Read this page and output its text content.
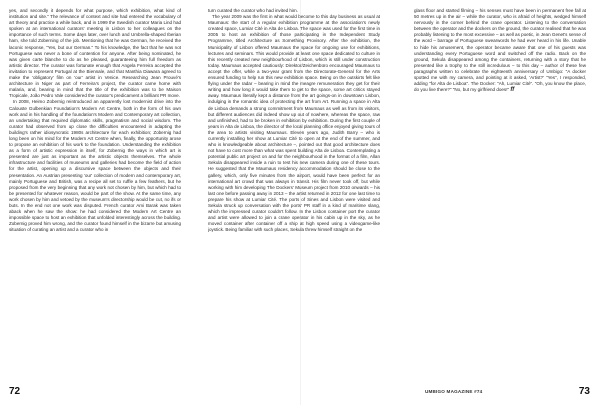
yes, and secondly it depends for what purpose, which exhibition, what kind of institution and site." The relevance of context and site had entered the vocabulary of art theory and practice a while back, and in 1999 the Swedish curator Maria Lind had spoken at an international curators' meeting in Lisbon to her colleagues on the importance of such terms. Some days later, over lunch and Umbrella-shaped Iberian ham, she told Zoberning of the job. Mentioning that he was German, he received the laconic response, "Yes, but our German." To his knowledge, the fact that he was not Portuguese was never a bone of contention for anyone. After being nominated, he was given carte blanche to do as he pleased, guaranteeing him full freedom as artistic director. The curator was fortunate enough that Angela Ferreira accepted the invitation to represent Portugal at the Biennale, and that Manthia Diawara agreed to make the 'obligatory' film on 'our' artist in Venice. Researching Jean Prouvé's architecture in Niger as part of Ferreira's project, the curator came home with malaria, and, bearing in mind that the title of the exhibition was to be Maison Tropicale, João Pedro Vale considered the curator's predicament a brilliant PR move.

In 2008, Heimo Zobernig reintroduced an apparently lost modernist drive into the Calouste Gulbenkian Foundation's Modern Art Centre, both in the form of his own work and in his handling of the foundation's Modern and Contemporary art collection, an undertaking that required diplomatic skills, pragmatism and social wisdom. The curator had observed from up close the difficulties encountered in adapting the building's rather idiosyncratic 1980s architecture for each exhibition; Zobernig had long been on his mind for the Modern Art Centre when, finally, the opportunity arose to propose an exhibition of his work to the foundation. Understanding the exhibition as a form of artistic expression in itself, for Zobernig the ways in which art is presented are just as important as the artistic objects themselves. The whole infrastructure and facilities of museums and galleries had become the field of action for the artist, opening up a discursive space between the objects and their presentation. An Austrian presenting 'our' collection of modern and contemporary art, mainly Portuguese and British, was a recipe all set to ruffle a few feathers, but he proposed from the very beginning that any work not chosen by him, but which had to be presented for whatever reason, would be part of the show. At the same time, any work chosen by him and vetoed by the museum's directorship would be cut, no ifs or buts. In the end not one work was disputed. French curator Ami Barak was taken aback when he saw the show: he had considered the Modern Art Centre an impossible space to host an exhibition that unfolded interestingly across the building. Zobernig proved him wrong, and the curator found himself in the bizarre but amusing situation of curating an artist and a curator who in

turn curated the curator who had invited him.

The year 2009 was the first in what would become to this day business as usual at Maumaus: the start of a regular exhibition programme at the association's newly created space, Lumiar Cité in Alta de Lisboa. The space was used for the first time in 2005 to host an exhibition of those participating in the Independent Study Programme, titled Architecture as Something Provisory. After the exhibition, the Municipality of Lisbon offered Maumaus the space for ongoing use for exhibitions, lectures and seminars. This would provide at least one space dedicated to culture in this recently created new neighbourhood of Lisbon, which is still under construction today. Maumaus accepted cautiously: Direktor/Zeichenbüro encouraged Maumaus to accept the offer, while a two-year grant from the Directorate-General for the Arts ensured funding to help run this new exhibition space. Being on the outskirts felt like flying under the radar – bearing in mind the meagre remuneration they get for their writing and how long it would take them to get to the space, some art critics stayed away. Maumaus literally kept a distance from the art goings-on in downtown Lisbon, indulging in the romantic idea of protecting the art from Art. Running a space in Alta de Lisboa demands a strong commitment from Maumaus as well as from its visitors, but different audiences did indeed show up out of nowhere, whereas the space, raw and unfinished, had to be broken in exhibition by exhibition. During the first couple of years in Alta de Lisboa, the director of the local planning office enjoyed giving tours of the area to artists visiting Maumaus. Eleven years ago, Judith Barry – who is currently installing her show at Lumiar Cité to open at the end of the summer, and who is knowledgeable about architecture –, pointed out that good architecture does not have to cost more than what was spent building Alta de Lisboa. Contemplating a potential public art project on and for the neighbourhood in the format of a film, Allan Sekula disappeared inside a ruin to test his new camera during one of these tours. He suggested that the Maumaus residency accommodation should be close to the gallery, which, only five minutes from the airport, would have been perfect for an international art crowd that was always in transit. His film never took off, but while working with him developing The Dockers' Museum project from 2010 onwards – his last one before passing away in 2013 – the artist returned in 2012 for one last time to prepare his show at Lumiar Cité. The ports of Sines and Lisbon were visited and Sekula struck up conversation with the ports' PR staff in a kind of maritime slang, which the impressed curator couldn't follow. In the Lisbon container port the curator and artist were allowed to join a crane operator in his cabin up in the sky, as he moved container after container off a ship at high speed using a videogame-like joystick. Being familiar with such places, Sekula threw himself straight on the

glass floor and started filming – his senses must have been in permanent free fall at 50 metres up in the air – while the curator, who is afraid of heights, wedged himself nervously in the corner behind the crane operator. Listening to the conversation between the operator and the dockers on the ground, the curator realised that he was probably listening to the most excessive – as well as poetic, in Jean Genet's sense of the word – barrage of Portuguese swearwords he had ever heard in his life. Unable to hide his amusement, the operator became aware that one of his guests was understanding every Portuguese word and switched off the radio. Back on the ground, Sekula disappeared among the containers, returning with a story that he presented like a trophy to the still incredulous – to this day – author of these few paragraphs written to celebrate the eighteenth anniversary of Umbigo: "A docker spotted me with my camera, and pointing at it asked, 'Artist?' "Yes", I responded, adding "for Alta de Lisboa". The Docker: "Ah, Lumiar Cité". "Oh, you know the place, do you live there?" "No, but my girlfriend does!" ff

72	UMBIGO MAGAZINE #74	73
